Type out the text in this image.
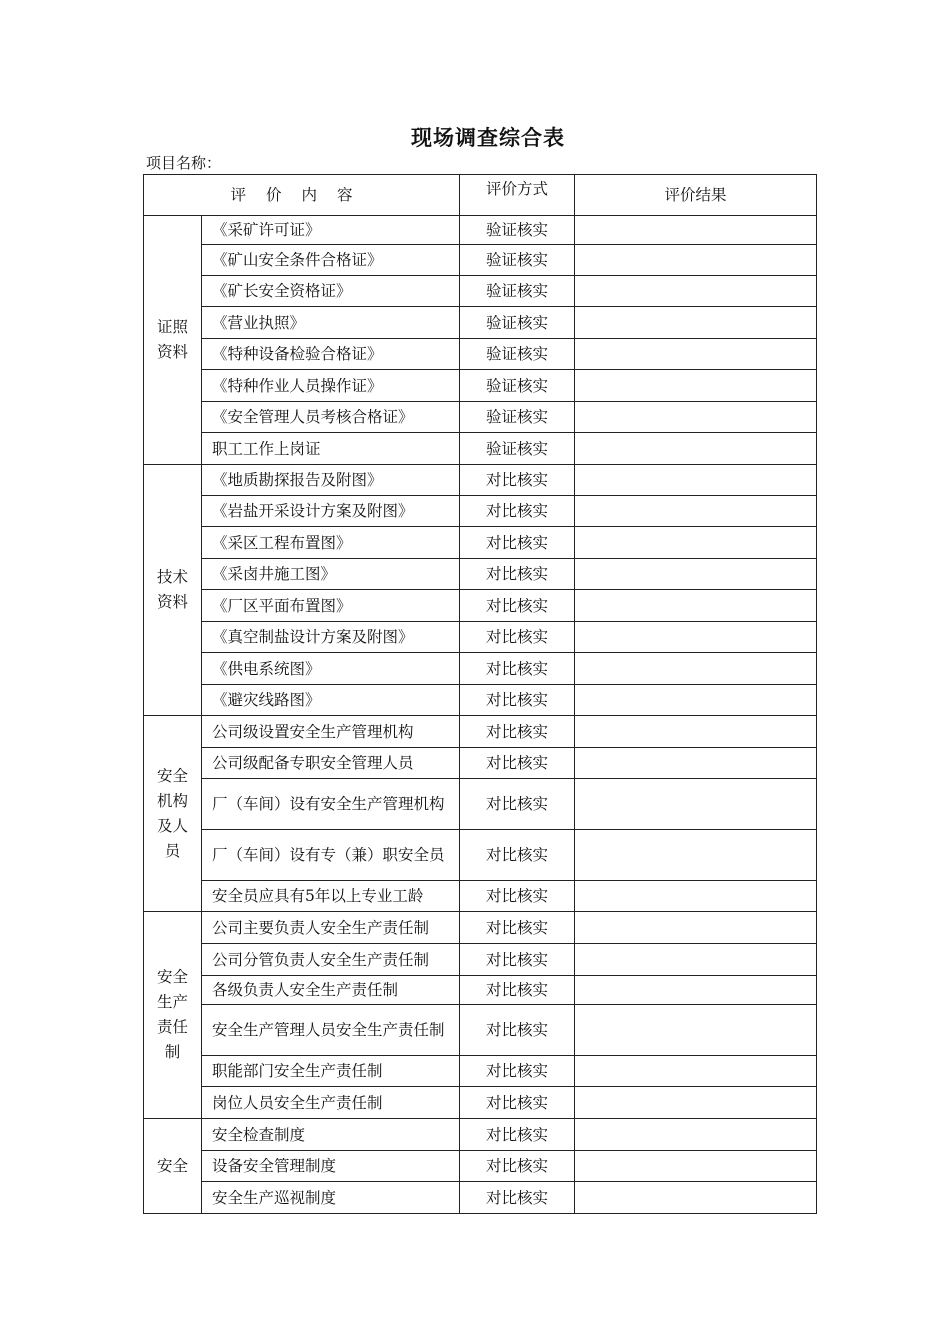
现场调查综合表
项目名称：
评价内容		评价方式	评价结果
证照资料	《采矿许可证》	验证核实	
	《矿山安全条件合格证》	验证核实	
	《矿长安全资格证》	验证核实	
	《营业执照》	验证核实	
	《特种设备检验合格证》	验证核实	
	《特种作业人员操作证》	验证核实	
	《安全管理人员考核合格证》	验证核实	
	职工工作上岗证	验证核实	
技术资料	《地质勘探报告及附图》	对比核实	
	《岩盐开采设计方案及附图》	对比核实	
	《采区工程布置图》	对比核实	
	《采卤井施工图》	对比核实	
	《厂区平面布置图》	对比核实	
	《真空制盐设计方案及附图》	对比核实	
	《供电系统图》	对比核实	
	《避灾线路图》	对比核实	
安全机构及人员	公司级设置安全生产管理机构	对比核实	
	公司级配备专职安全管理人员	对比核实	
	厂（车间）设有安全生产管理机构	对比核实	
	厂（车间）设有专（兼）职安全员	对比核实	
	安全员应具有5年以上专业工龄	对比核实	
安全生产责任制	公司主要负责人安全生产责任制	对比核实	
	公司分管负责人安全生产责任制	对比核实	
	各级负责人安全生产责任制	对比核实	
	安全生产管理人员安全生产责任制	对比核实	
	职能部门安全生产责任制	对比核实	
	岗位人员安全生产责任制	对比核实	
安全	安全检查制度	对比核实	
	设备安全管理制度	对比核实	
	安全生产巡视制度	对比核实	
